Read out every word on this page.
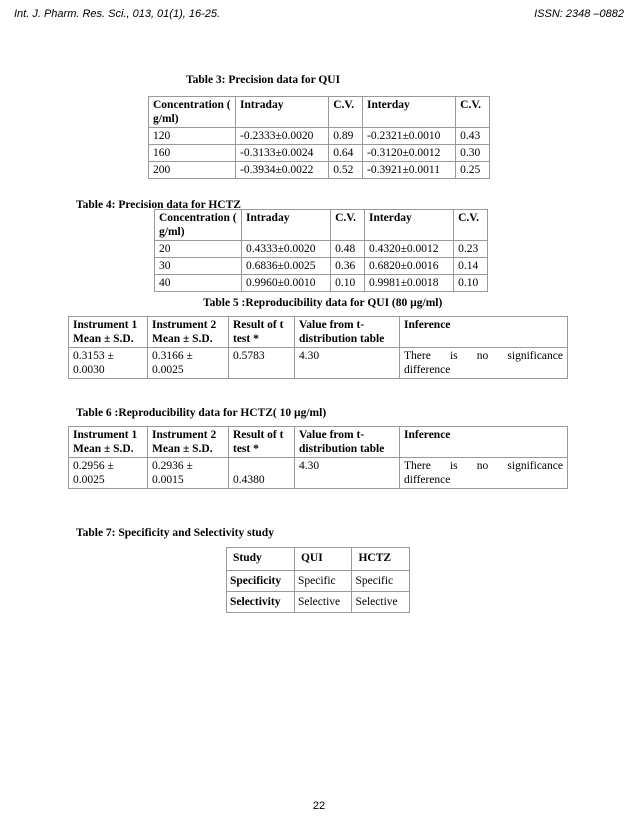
Int. J. Pharm. Res. Sci., 013, 01(1), 16-25.	ISSN: 2348 –0882
Table 3: Precision data for QUI
Concentration ( g/ml)	Intraday	C.V.	Interday	C.V.
120	-0.2333±0.0020	0.89	-0.2321±0.0010	0.43
160	-0.3133±0.0024	0.64	-0.3120±0.0012	0.30
200	-0.3934±0.0022	0.52	-0.3921±0.0011	0.25
Table 4: Precision data for HCTZ
Concentration ( g/ml)	Intraday	C.V.	Interday	C.V.
20	0.4333±0.0020	0.48	0.4320±0.0012	0.23
30	0.6836±0.0025	0.36	0.6820±0.0016	0.14
40	0.9960±0.0010	0.10	0.9981±0.0018	0.10
Table 5 :Reproducibility data for QUI (80 µg/ml)
Instrument 1 Mean ± S.D.	Instrument 2 Mean ± S.D.	Result of t test *	Value from t-distribution table	Inference
0.3153 ± 0.0030	0.3166 ± 0.0025	0.5783	4.30	There is no significance difference
Table 6 :Reproducibility data for HCTZ( 10 µg/ml)
Instrument 1 Mean ± S.D.	Instrument 2 Mean ± S.D.	Result of t test *	Value from t-distribution table	Inference
0.2956 ± 0.0025	0.2936 ± 0.0015	0.4380	4.30	There is no significance difference
Table 7: Specificity and Selectivity study
Study	QUI	HCTZ
Specificity	Specific	Specific
Selectivity	Selective	Selective
22
